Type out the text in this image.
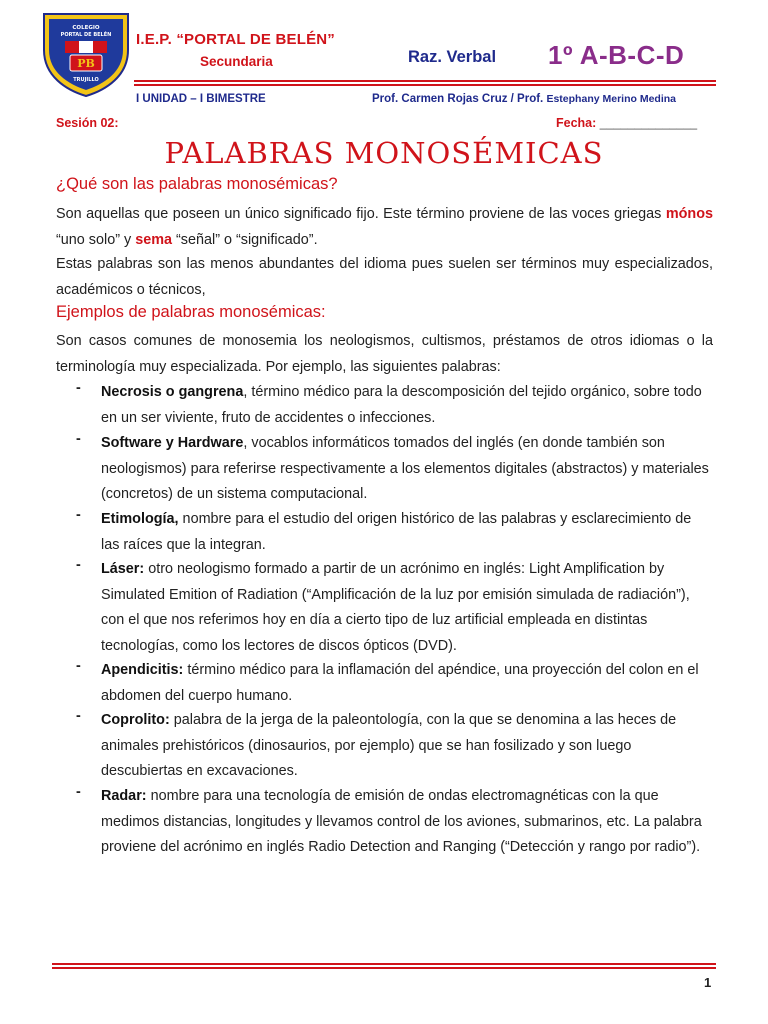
COLEGIO
PORTAL DE BELÉN
PB
TRUJILLO
I.E.P. “PORTAL DE BELÉN”
Secundaria	Raz. Verbal 1º A-B-C-D
I UNIDAD – I BIMESTRE	Prof. Carmen Rojas Cruz / Prof. Estephany Merino Medina
Sesión 02:	Fecha: ______________
PALABRAS MONOSÉMICAS
¿Qué son las palabras monosémicas?
Son aquellas que poseen un único significado fijo. Este término proviene de las voces griegas mónos “uno solo” y sema “señal” o “significado”.
Estas palabras son las menos abundantes del idioma pues suelen ser términos muy especializados, académicos o técnicos,
Ejemplos de palabras monosémicas:
Son casos comunes de monosemia los neologismos, cultismos, préstamos de otros idiomas o la terminología muy especializada. Por ejemplo, las siguientes palabras:
- Necrosis o gangrena, término médico para la descomposición del tejido orgánico, sobre todo en un ser viviente, fruto de accidentes o infecciones.
- Software y Hardware, vocablos informáticos tomados del inglés (en donde también son neologismos) para referirse respectivamente a los elementos digitales (abstractos) y materiales (concretos) de un sistema computacional.
- Etimología, nombre para el estudio del origen histórico de las palabras y esclarecimiento de las raíces que la integran.
- Láser: otro neologismo formado a partir de un acrónimo en inglés: Light Amplification by Simulated Emition of Radiation (“Amplificación de la luz por emisión simulada de radiación”), con el que nos referimos hoy en día a cierto tipo de luz artificial empleada en distintas tecnologías, como los lectores de discos ópticos (DVD).
- Apendicitis: término médico para la inflamación del apéndice, una proyección del colon en el abdomen del cuerpo humano.
- Coprolito: palabra de la jerga de la paleontología, con la que se denomina a las heces de animales prehistóricos (dinosaurios, por ejemplo) que se han fosilizado y son luego descubiertas en excavaciones.
- Radar: nombre para una tecnología de emisión de ondas electromagnéticas con la que medimos distancias, longitudes y llevamos control de los aviones, submarinos, etc. La palabra proviene del acrónimo en inglés Radio Detection and Ranging (“Detección y rango por radio”).
1
